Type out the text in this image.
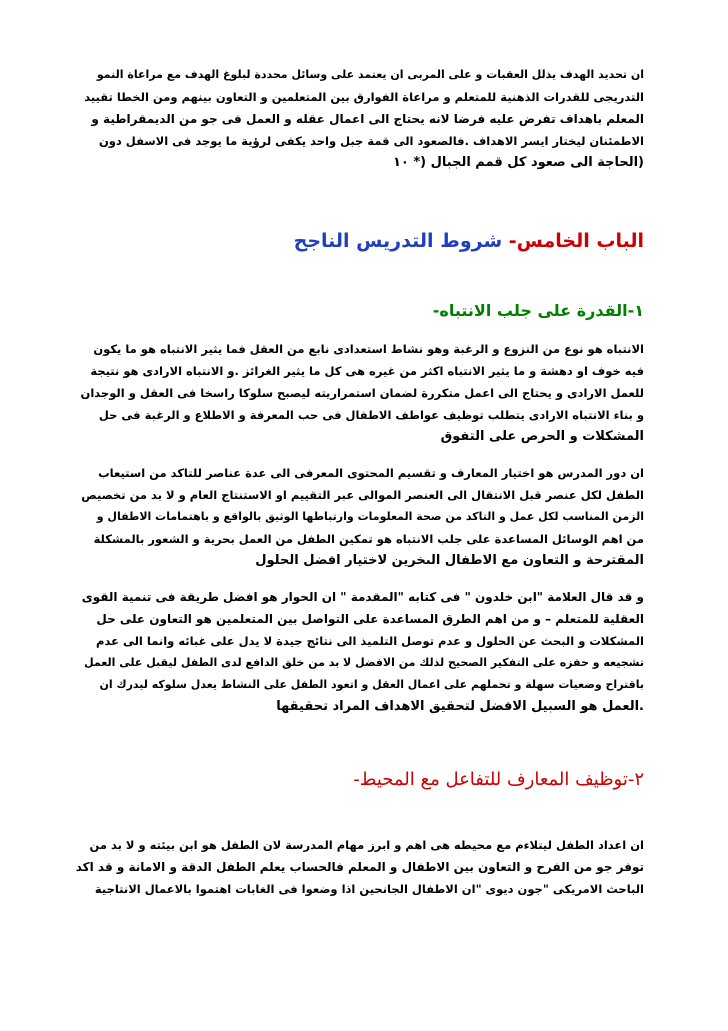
ان تحديد الهدف يذلل العقبات و على المربى ان يعتمد على وسائل محددة لبلوغ الهدف مع مراعاة النمو
التدريجى للقدرات الذهنية للمتعلم و مراعاة الفوارق بين المتعلمين و التعاون بينهم ومن الخطا تقييد
المعلم باهداف تفرض عليه فرضا لانه يحتاج الى اعمال عقله و العمل فى جو من الديمقراطية و
الاطمئنان ليختار ايسر الاهداف .فالصعود الى قمة جبل واحد يكفى لرؤية ما يوجد فى الاسفل دون
(الحاجة الى صعود كل قمم الجبال (* ١٠

الباب الخامس- شروط التدريس الناجح
١-القدرة على جلب الانتباه-

الانتباه هو نوع من النزوع و الرغبة وهو نشاط استعدادى نابع من العقل فما يثير الانتباه هو ما يكون
فيه خوف او دهشة و ما يثير الانتباه اكثر من غيره هى كل ما يثير الغرائز .و الانتباه الارادى هو نتيجة
للعمل الارادى و يحتاج الى اعمل متكررة لضمان استمراريته ليصبح سلوكا راسخا فى العقل و الوجدان
و بناء الانتباه الارادى يتطلب توظيف عواطف الاطفال فى حب المعرفة و الاطلاع و الرغبة فى حل
المشكلات و الحرص على التفوق

ان دور المدرس هو اختيار المعارف و تقسيم المحتوى المعرفى الى عدة عناصر للتاكد من استيعاب
الطفل لكل عنصر قبل الانتقال الى العنصر الموالى عبر التقييم او الاستنتاج العام و لا بد من تخصيص
الزمن المناسب لكل عمل و التاكد من صحة المعلومات وارتباطها الوثيق بالواقع و باهتمامات الاطفال و
من اهم الوسائل المساعدة على جلب الانتباه هو تمكين الطفل من العمل بحرية و الشعور بالمشكلة
المقترحة و التعاون مع الاطفال الىخرين لاختيار افضل الحلول

و قد قال العلامة "ابن خلدون " فى كتابه "المقدمة " ان الحوار هو افضل طريقة فى تنمية القوى
العقلية للمتعلم – و من اهم الطرق المساعدة على التواصل بين المتعلمين هو التعاون على حل
المشكلات و البحث عن الحلول و عدم توصل التلميذ الى نتائج جيدة لا يدل على غبائه وانما الى عدم
تشجيعه و حفزه على التفكير الصحيح لذلك من الافضل لا بد من خلق الدافع لدى الطفل ليقبل على العمل
باقتراح وضعيات سهلة و تحملهم على اعمال العقل و اتعود الطفل على النشاط يعدل سلوكه ليدرك ان
.العمل هو السبيل الافضل لتحقيق الاهداف المراد تحقيقها

٢-توظيف المعارف للتفاعل مع المحيط-

ان اعداد الطفل ليتلاءم مع محيطه هى اهم و ابرز مهام المدرسة لان الطفل هو ابن بيئته و لا بد من
توفر جو من الفرح و التعاون بين الاطفال و المعلم فالحساب يعلم الطفل الدقة و الامانة و قد اكد
الباحث الامريكى "جون ديوى "ان الاطفال الجانحين اذا وضعوا فى الغابات اهتموا بالاعمال الانتاجية
